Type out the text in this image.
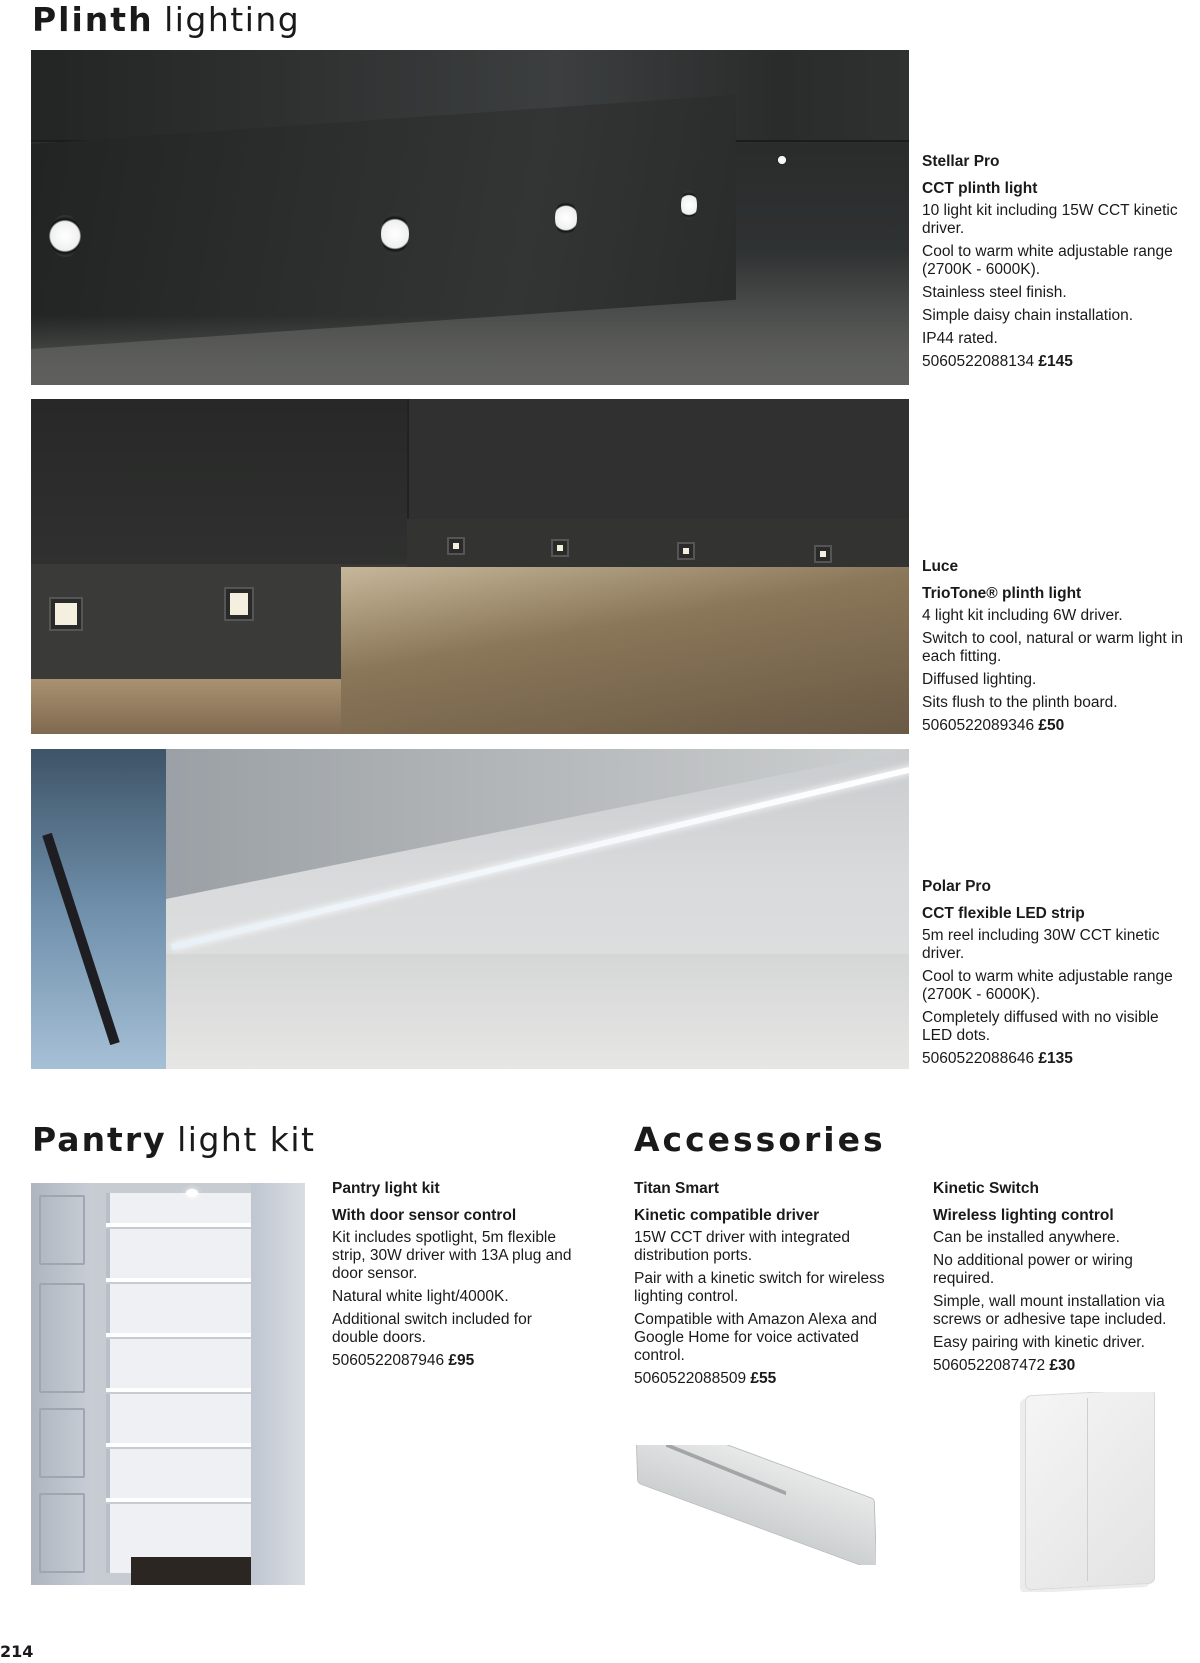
Plinth lighting
Stellar Pro
CCT plinth light
10 light kit including 15W CCT kinetic driver.
Cool to warm white adjustable range (2700K - 6000K).
Stainless steel finish.
Simple daisy chain installation.
IP44 rated.
5060522088134 £145
Luce
TrioTone® plinth light
4 light kit including 6W driver.
Switch to cool, natural or warm light in each fitting.
Diffused lighting.
Sits flush to the plinth board.
5060522089346 £50
Polar Pro
CCT flexible LED strip
5m reel including 30W CCT kinetic driver.
Cool to warm white adjustable range (2700K - 6000K).
Completely diffused with no visible LED dots.
5060522088646 £135
Pantry light kit	Accessories
Pantry light kit
With door sensor control
Kit includes spotlight, 5m flexible strip, 30W driver with 13A plug and door sensor.
Natural white light/4000K.
Additional switch included for double doors.
5060522087946 £95
Titan Smart
Kinetic compatible driver
15W CCT driver with integrated distribution ports.
Pair with a kinetic switch for wireless lighting control.
Compatible with Amazon Alexa and Google Home for voice activated control.
5060522088509 £55
Kinetic Switch
Wireless lighting control
Can be installed anywhere.
No additional power or wiring required.
Simple, wall mount installation via screws or adhesive tape included.
Easy pairing with kinetic driver.
5060522087472 £30
214
